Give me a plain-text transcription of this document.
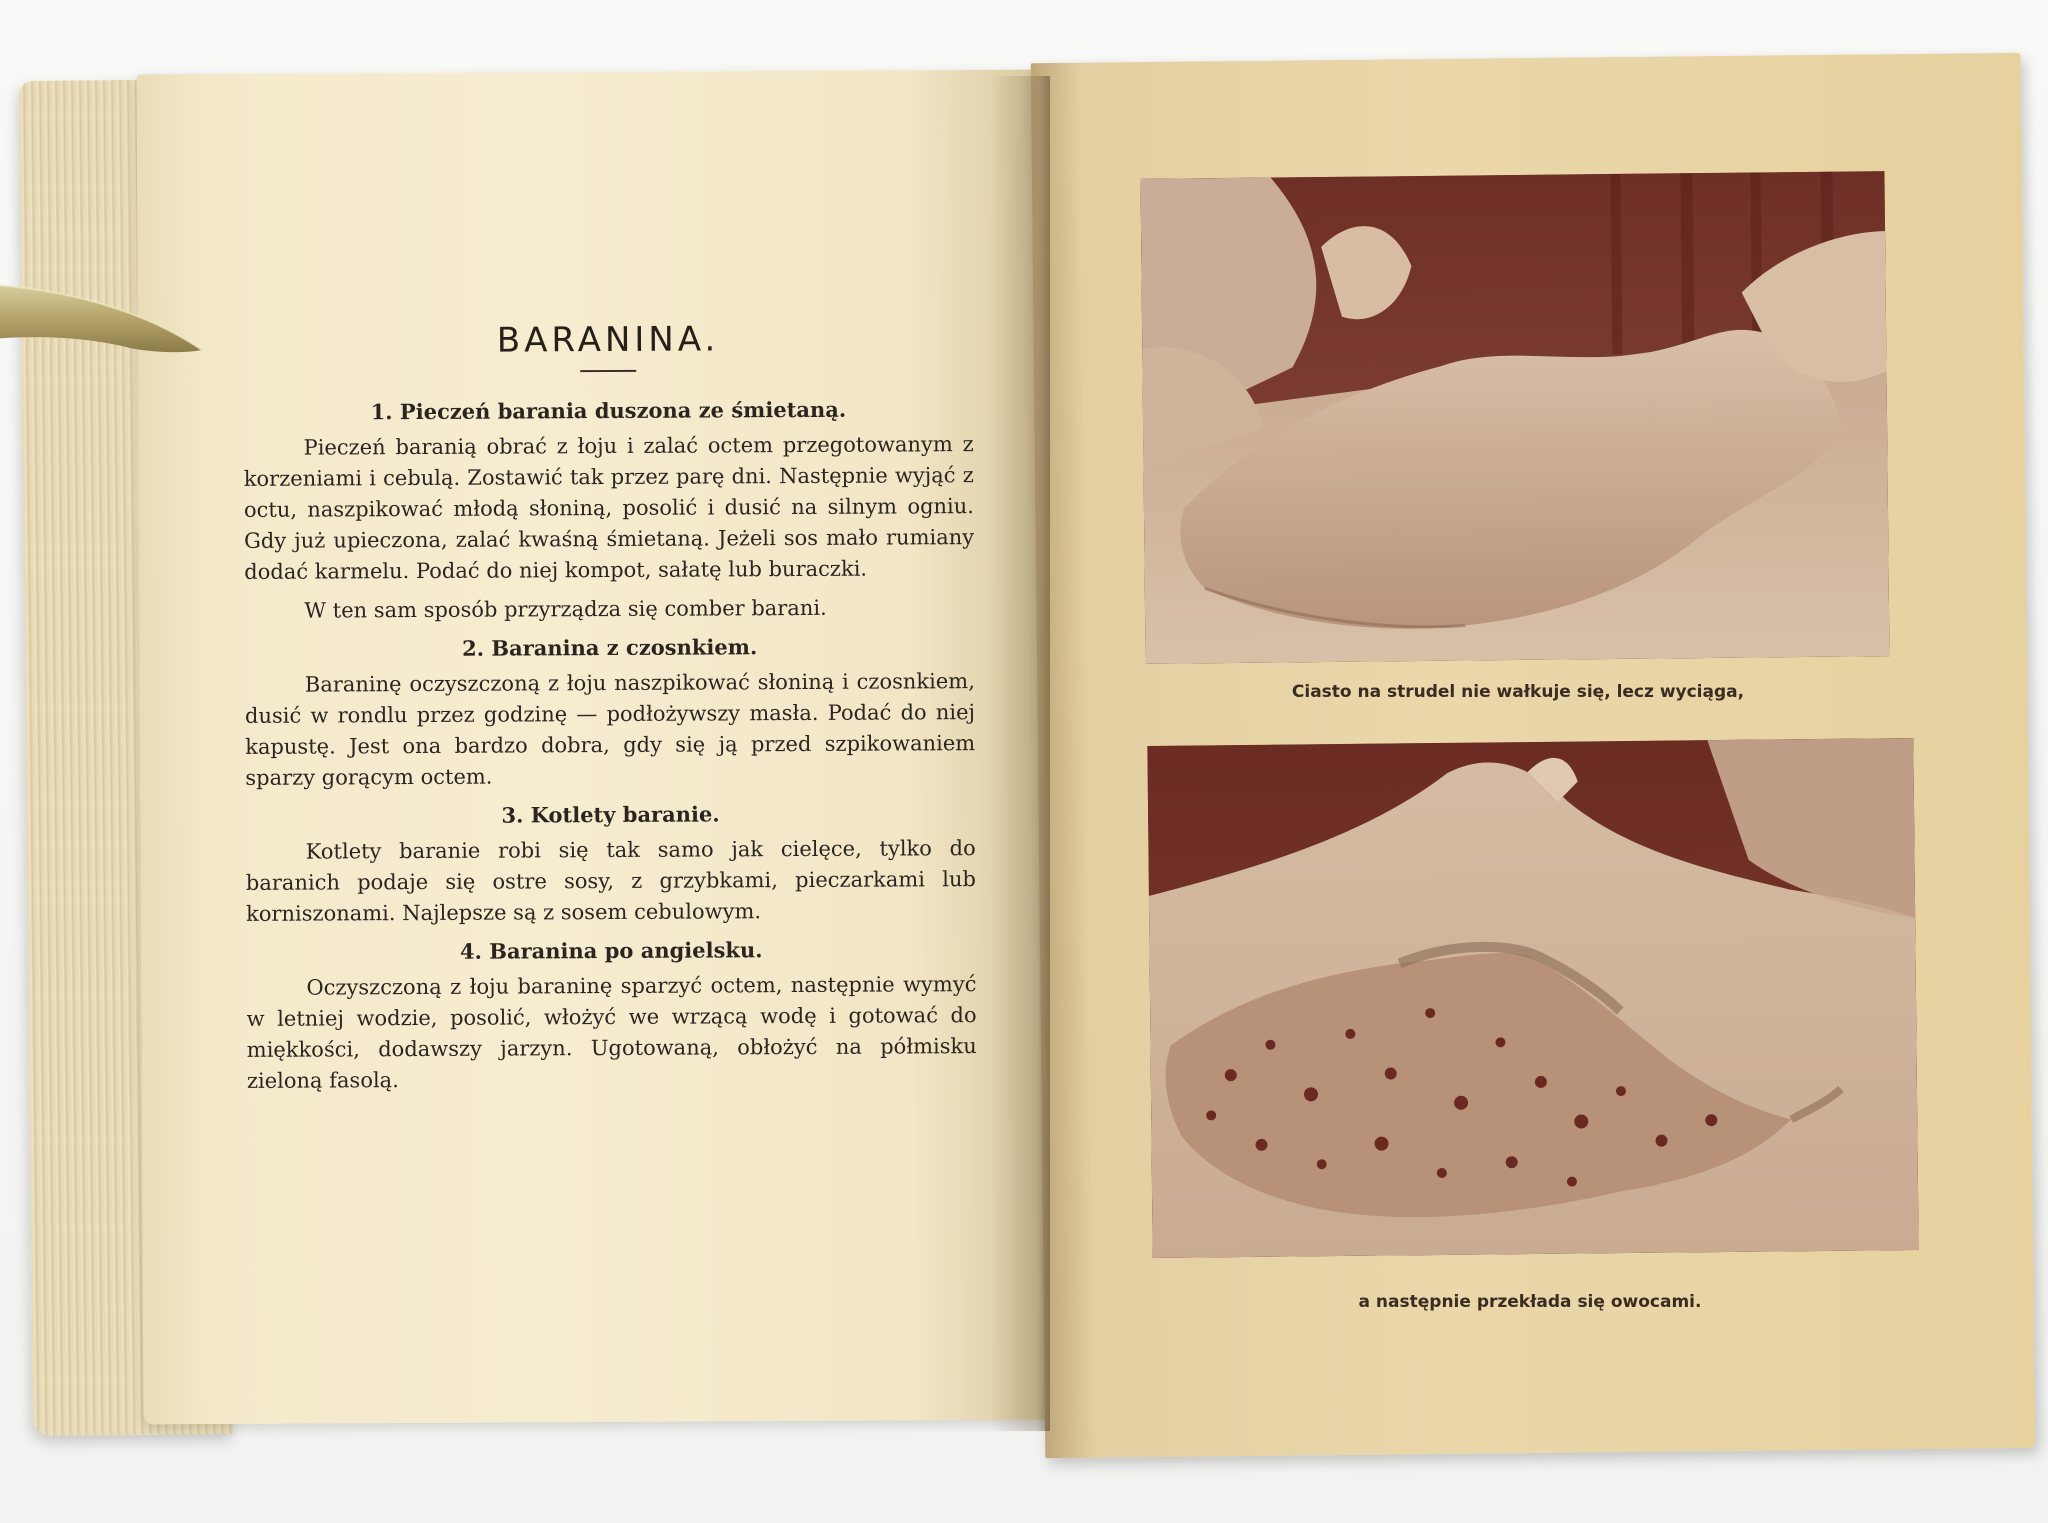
BARANINA.
1. Pieczeń barania duszona ze śmietaną.

Pieczeń baranią obrać z łoju i zalać octem przegotowanym z korzeniami i cebulą. Zostawić tak przez parę dni. Następnie wyjąć z octu, naszpikować młodą słoniną, posolić i dusić na silnym ogniu. Gdy już upieczona, zalać kwaśną śmietaną. Jeżeli sos mało rumiany dodać karmelu. Podać do niej kompot, sałatę lub buraczki.

W ten sam sposób przyrządza się comber barani.

2. Baranina z czosnkiem.

Baraninę oczyszczoną z łoju naszpikować słoniną i czosnkiem, dusić w rondlu przez godzinę — podłożywszy masła. Podać do niej kapustę. Jest ona bardzo dobra, gdy się ją przed szpikowaniem sparzy gorącym octem.

3. Kotlety baranie.

Kotlety baranie robi się tak samo jak cielęce, tylko do baranich podaje się ostre sosy, z grzybkami, pieczarkami lub korniszonami. Najlepsze są z sosem cebulowym.

4. Baranina po angielsku.

Oczyszczoną z łoju baraninę sparzyć octem, następnie wymyć w letniej wodzie, posolić, włożyć we wrzącą wodę i gotować do miękkości, dodawszy jarzyn. Ugotowaną, obłożyć na półmisku zieloną fasolą.

Ciasto na strudel nie wałkuje się, lecz wyciąga,
a następnie przekłada się owocami.
